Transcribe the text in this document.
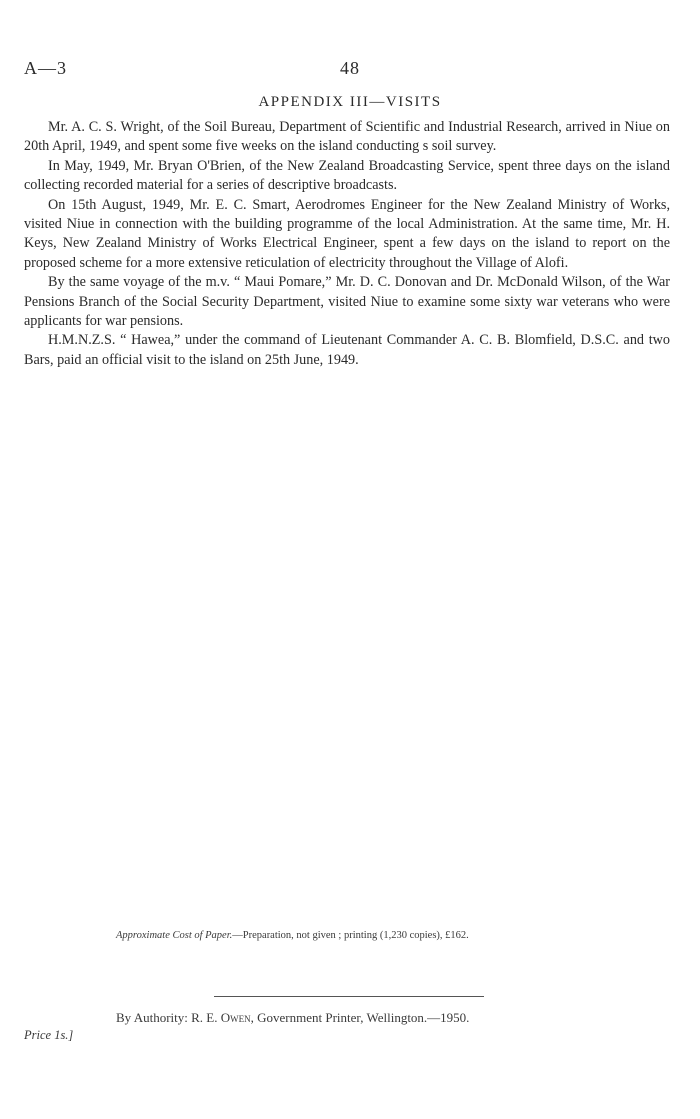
A—3	48
APPENDIX III—VISITS

Mr. A. C. S. Wright, of the Soil Bureau, Department of Scientific and Industrial Research, arrived in Niue on 20th April, 1949, and spent some five weeks on the island conducting s soil survey.

In May, 1949, Mr. Bryan O'Brien, of the New Zealand Broadcasting Service, spent three days on the island collecting recorded material for a series of descriptive broadcasts.

On 15th August, 1949, Mr. E. C. Smart, Aerodromes Engineer for the New Zealand Ministry of Works, visited Niue in connection with the building programme of the local Administration. At the same time, Mr. H. Keys, New Zealand Ministry of Works Electrical Engineer, spent a few days on the island to report on the proposed scheme for a more extensive reticulation of electricity throughout the Village of Alofi.

By the same voyage of the m.v. “ Maui Pomare,” Mr. D. C. Donovan and Dr. McDonald Wilson, of the War Pensions Branch of the Social Security Department, visited Niue to examine some sixty war veterans who were applicants for war pensions.

H.M.N.Z.S. “ Hawea,” under the command of Lieutenant Commander A. C. B. Blomfield, D.S.C. and two Bars, paid an official visit to the island on 25th June, 1949.

Approximate Cost of Paper.—Preparation, not given ; printing (1,230 copies), £162.
By Authority: R. E. Owen, Government Printer, Wellington.—1950.
Price 1s.]
